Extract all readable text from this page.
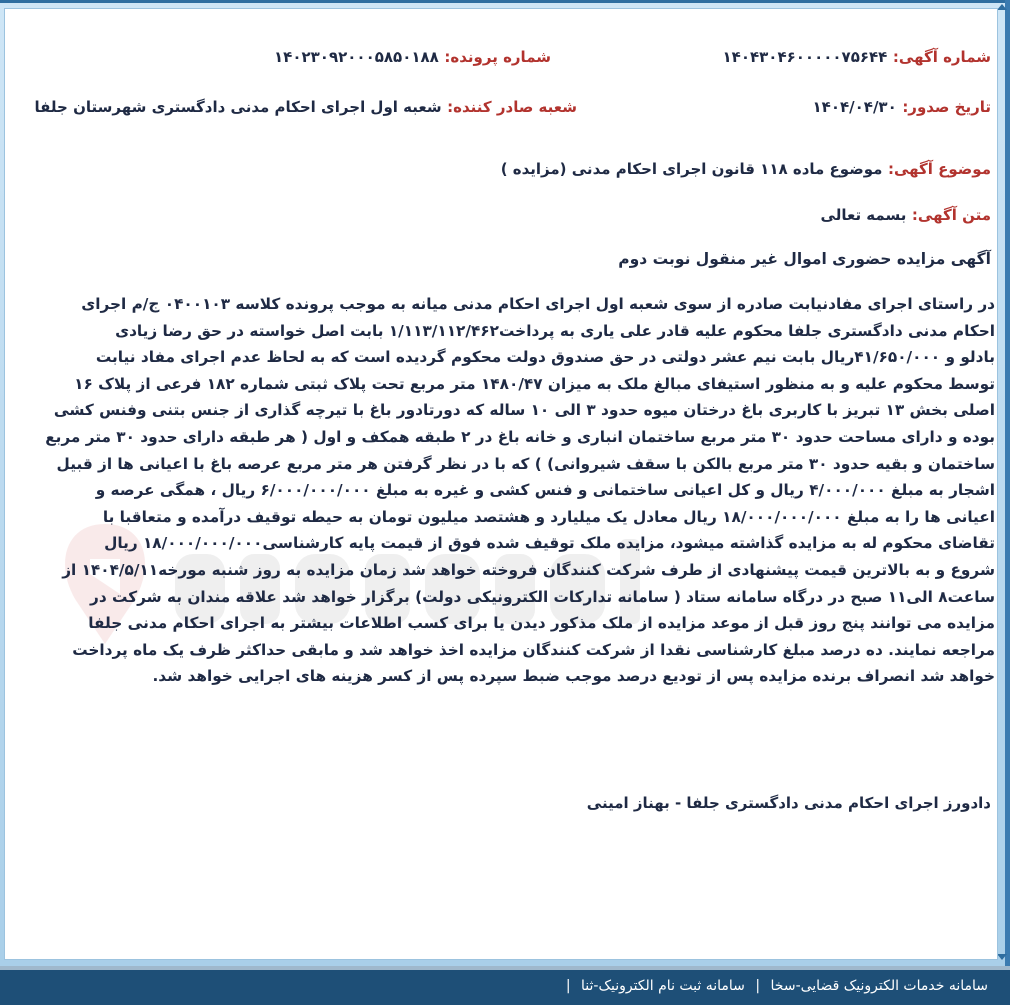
شماره آگهی: ۱۴۰۴۳۰۴۶۰۰۰۰۰۷۵۶۴۴
شماره پرونده: ۱۴۰۲۳۰۹۲۰۰۰۵۸۵۰۱۸۸
تاریخ صدور: ۱۴۰۴/۰۴/۳۰
شعبه صادر کننده: شعبه اول اجرای احکام مدنی دادگستری شهرستان جلفا
موضوع آگهی: موضوع ماده ۱۱۸ قانون اجرای احکام مدنی (مزایده )
متن آگهی: بسمه تعالی
آگهی مزایده حضوری اموال غیر منقول نوبت دوم
در راستای اجرای مفادنیابت صادره از سوی شعبه اول اجرای احکام مدنی میانه به موجب پرونده کلاسه ۰۴۰۰۱۰۳ ج/م اجرای
احکام مدنی دادگستری جلفا محکوم علیه قادر علی یاری به پرداخت۱/۱۱۳/۱۱۲/۴۶۲ بابت اصل خواسته در حق رضا زیادی
بادلو و ۴۱/۶۵۰/۰۰۰ریال بابت نیم عشر دولتی در حق صندوق دولت محکوم گردیده است که به لحاظ عدم اجرای مفاد نیابت
توسط محکوم علیه و به منظور استیفای مبالغ ملک به میزان ۱۴۸۰/۴۷ متر مربع تحت پلاک ثبتی شماره ۱۸۲ فرعی از پلاک ۱۶
اصلی بخش ۱۳ تبریز با کاربری باغ درختان میوه حدود ۳ الی ۱۰ ساله که دورتادور باغ با تیرچه گذاری از جنس بتنی وفنس کشی
بوده و دارای مساحت حدود ۳۰ متر مربع ساختمان انباری و خانه باغ در ۲ طبقه همکف و اول ( هر طبقه دارای حدود ۳۰ متر مربع
ساختمان و بقیه حدود ۳۰ متر مربع بالکن با سقف شیروانی) ) که با در نظر گرفتن هر متر مربع عرصه باغ با اعیانی ها از قبیل
اشجار به مبلغ ۴/۰۰۰/۰۰۰ ریال و کل اعیانی ساختمانی و فنس کشی و غیره به مبلغ ۶/۰۰۰/۰۰۰/۰۰۰ ریال ، همگی عرصه و
اعیانی ها را به مبلغ ۱۸/۰۰۰/۰۰۰/۰۰۰ ریال معادل یک میلیارد و هشتصد میلیون تومان به حیطه توقیف درآمده و متعاقبا با
تقاضای محکوم له به مزایده گذاشته میشود، مزایده ملک توقیف شده فوق از قیمت پایه کارشناسی۱۸/۰۰۰/۰۰۰/۰۰۰ ریال
شروع و به بالاترین قیمت پیشنهادی از طرف شرکت کنندگان فروخته خواهد شد زمان مزایده به روز شنبه مورخه۱۴۰۴/۵/۱۱ از
ساعت۸ الی۱۱ صبح در درگاه سامانه ستاد ( سامانه تدارکات الکترونیکی دولت) برگزار خواهد شد علاقه مندان به شرکت در
مزایده می توانند پنج روز قبل از موعد مزایده از ملک مذکور دیدن یا برای کسب اطلاعات بیشتر به اجرای احکام مدنی جلفا
مراجعه نمایند. ده درصد مبلغ کارشناسی نقدا از شرکت کنندگان مزایده اخذ خواهد شد و مابقی حداکثر ظرف یک ماه پرداخت
خواهد شد انصراف برنده مزایده پس از تودیع درصد موجب ضبط سپرده پس از کسر هزینه های اجرایی خواهد شد.
دادورز اجرای احکام مدنی دادگستری جلفا - بهناز امینی
سامانه خدمات الکترونیک قضایی-سخا | سامانه ثبت نام الکترونیک-ثنا |
